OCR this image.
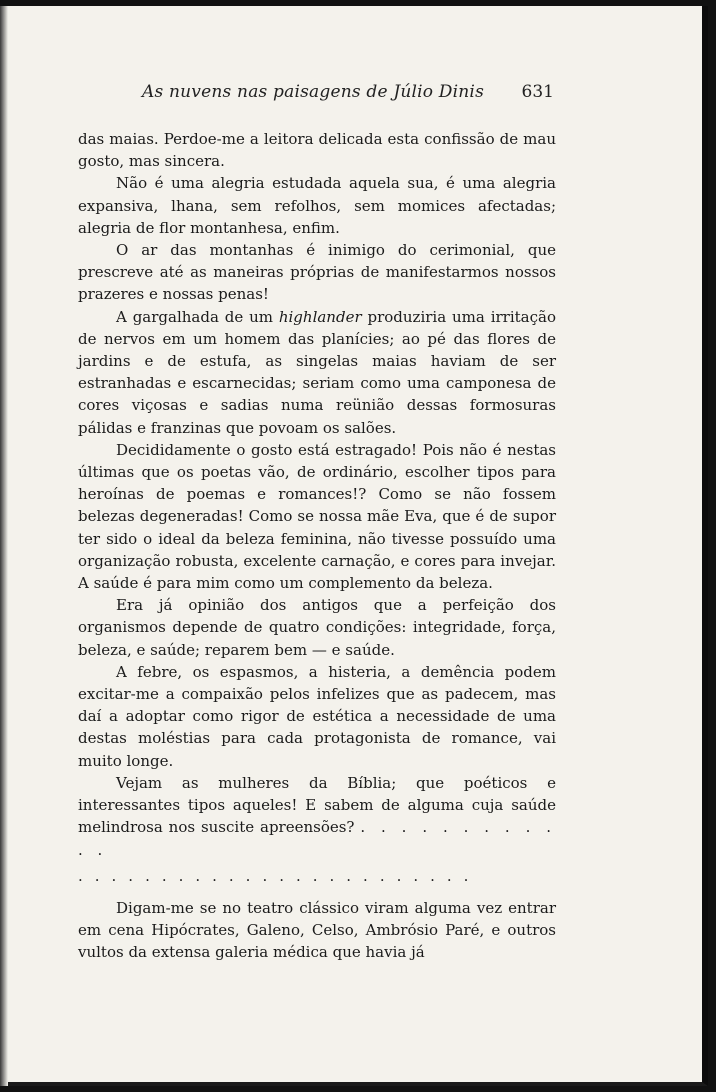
As nuvens nas paisagens de Júlio Dinis 631

das maias. Perdoe-me a leitora delicada esta confissão de mau gosto, mas sincera.

Não é uma alegria estudada aquela sua, é uma alegria expansiva, lhana, sem refolhos, sem momices afectadas; alegria de flor montanhesa, enfim.

O ar das montanhas é inimigo do cerimonial, que prescreve até as maneiras próprias de manifestarmos nossos prazeres e nossas penas!

A gargalhada de um highlander produziria uma irritação de nervos em um homem das planícies; ao pé das flores de jardins e de estufa, as singelas maias haviam de ser estranhadas e escarnecidas; seriam como uma camponesa de cores viçosas e sadias numa reünião dessas formosuras pálidas e franzinas que povoam os salões.

Decididamente o gosto está estragado! Pois não é nestas últimas que os poetas vão, de ordinário, escolher tipos para heroínas de poemas e romances!? Como se não fossem belezas degeneradas! Como se nossa mãe Eva, que é de supor ter sido o ideal da beleza feminina, não tivesse possuído uma organização robusta, excelente carnação, e cores para invejar. A saúde é para mim como um complemento da beleza.

Era já opinião dos antigos que a perfeição dos organismos depende de quatro condições: integridade, força, beleza, e saúde; reparem bem — e saúde.

A febre, os espasmos, a histeria, a demência podem excitar-me a compaixão pelos infelizes que as padecem, mas daí a adoptar como rigor de estética a necessidade de uma destas moléstias para cada protagonista de romance, vai muito longe.

Vejam as mulheres da Bíblia; que poéticos e interessantes tipos aqueles! E sabem de alguma cuja saúde melindrosa nos suscite apreensões? . . . . . . . . . . . .

........................

Digam-me se no teatro clássico viram alguma vez entrar em cena Hipócrates, Galeno, Celso, Ambrósio Paré, e outros vultos da extensa galeria médica que havia já
